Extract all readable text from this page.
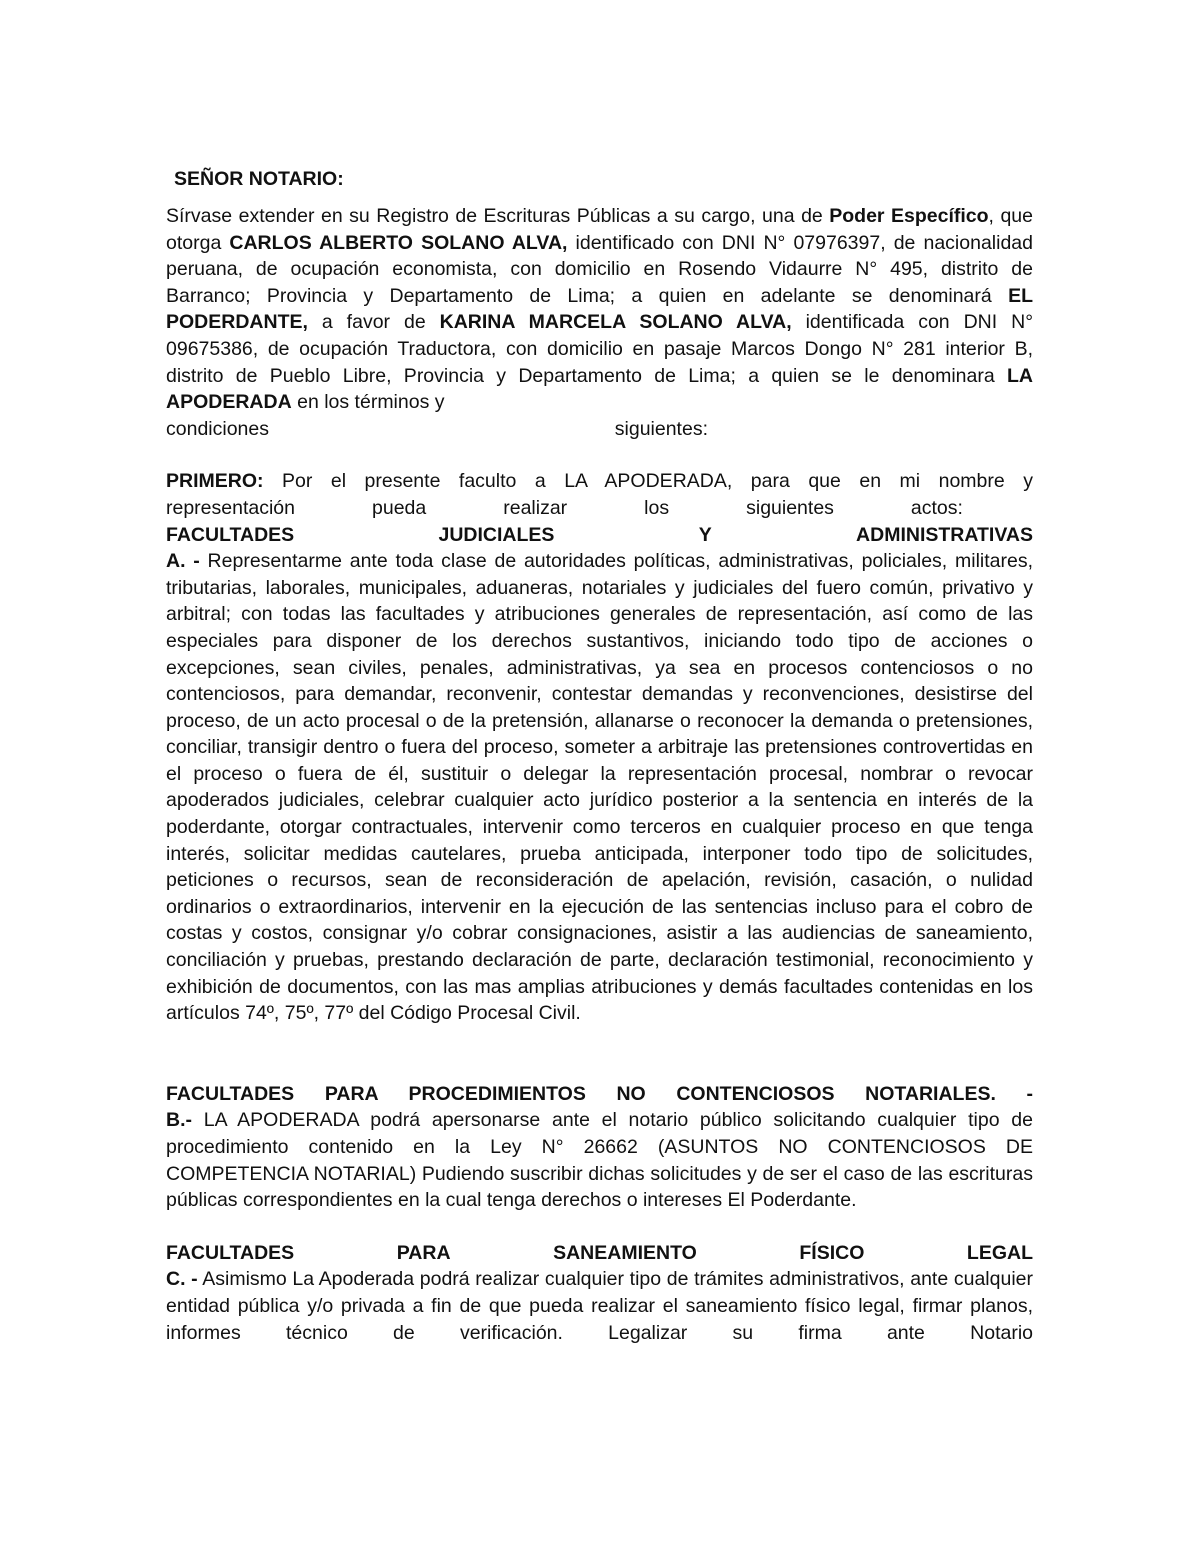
SEÑOR NOTARIO:

Sírvase extender en su Registro de Escrituras Públicas a su cargo, una de Poder Específico, que otorga CARLOS ALBERTO SOLANO ALVA, identificado con DNI N° 07976397, de nacionalidad peruana, de ocupación economista, con domicilio en Rosendo Vidaurre N° 495, distrito de Barranco; Provincia y Departamento de Lima; a quien en adelante se denominará EL PODERDANTE, a favor de KARINA MARCELA SOLANO ALVA, identificada con DNI N° 09675386, de ocupación Traductora, con domicilio en pasaje Marcos Dongo N° 281 interior B, distrito de Pueblo Libre, Provincia y Departamento de Lima; a quien se le denominara LA APODERADA en los términos y

condiciones	siguientes:

PRIMERO: Por el presente faculto a LA APODERADA, para que en mi nombre y

representación	pueda	realizar	los	siguientes	actos:
FACULTADES	JUDICIALES	Y	ADMINISTRATIVAS

A. - Representarme ante toda clase de autoridades políticas, administrativas, policiales, militares, tributarias, laborales, municipales, aduaneras, notariales y judiciales del fuero común, privativo y arbitral; con todas las facultades y atribuciones generales de representación, así como de las especiales para disponer de los derechos sustantivos, iniciando todo tipo de acciones o excepciones, sean civiles, penales, administrativas, ya sea en procesos contenciosos o no contenciosos, para demandar, reconvenir, contestar demandas y reconvenciones, desistirse del proceso, de un acto procesal o de la pretensión, allanarse o reconocer la demanda o pretensiones, conciliar, transigir dentro o fuera del proceso, someter a arbitraje las pretensiones controvertidas en el proceso o fuera de él, sustituir o delegar la representación procesal, nombrar o revocar apoderados judiciales, celebrar cualquier acto jurídico posterior a la sentencia en interés de la poderdante, otorgar contractuales, intervenir como terceros en cualquier proceso en que tenga interés, solicitar medidas cautelares, prueba anticipada, interponer todo tipo de solicitudes, peticiones o recursos, sean de reconsideración de apelación, revisión, casación, o nulidad ordinarios o extraordinarios, intervenir en la ejecución de las sentencias incluso para el cobro de costas y costos, consignar y/o cobrar consignaciones, asistir a las audiencias de saneamiento, conciliación y pruebas, prestando declaración de parte, declaración testimonial, reconocimiento y exhibición de documentos, con las mas amplias atribuciones y demás facultades contenidas en los artículos 74º, 75º, 77º del Código Procesal Civil.

FACULTADES PARA PROCEDIMIENTOS NO CONTENCIOSOS NOTARIALES. -

B.- LA APODERADA podrá apersonarse ante el notario público solicitando cualquier tipo de procedimiento contenido en la Ley N° 26662 (ASUNTOS NO CONTENCIOSOS DE COMPETENCIA NOTARIAL) Pudiendo suscribir dichas solicitudes y de ser el caso de las escrituras públicas correspondientes en la cual tenga derechos o intereses El Poderdante.

FACULTADES	PARA	SANEAMIENTO	FÍSICO	LEGAL

C. - Asimismo La Apoderada podrá realizar cualquier tipo de trámites administrativos, ante cualquier entidad pública y/o privada a fin de que pueda realizar el saneamiento físico legal, firmar planos, informes técnico de verificación. Legalizar su firma ante Notario
